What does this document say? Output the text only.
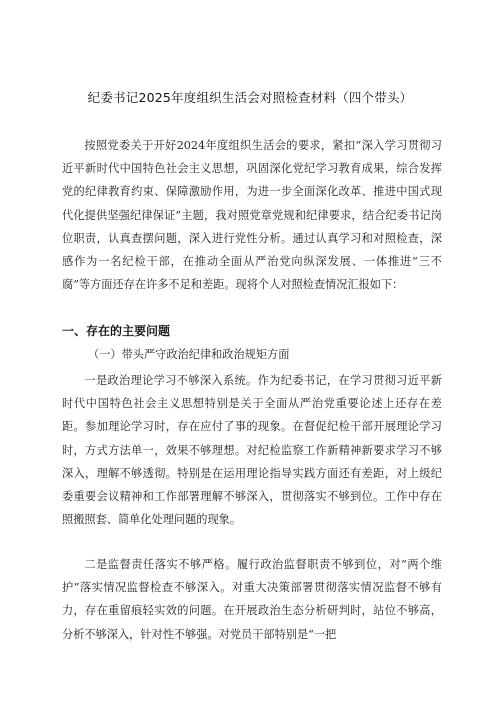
纪委书记2025年度组织生活会对照检查材料（四个带头）
按照党委关于开好2024年度组织生活会的要求，紧扣“深入学习贯彻习近平新时代中国特色社会主义思想，巩固深化党纪学习教育成果，综合发挥党的纪律教育约束、保障激励作用，为进一步全面深化改革、推进中国式现代化提供坚强纪律保证”主题，我对照党章党规和纪律要求，结合纪委书记岗位职责，认真查摆问题，深入进行党性分析。通过认真学习和对照检查，深感作为一名纪检干部，在推动全面从严治党向纵深发展、一体推进“三不腐”等方面还存在许多不足和差距。现将个人对照检查情况汇报如下：
一、存在的主要问题
（一）带头严守政治纪律和政治规矩方面
一是政治理论学习不够深入系统。作为纪委书记，在学习贯彻习近平新时代中国特色社会主义思想特别是关于全面从严治党重要论述上还存在差距。参加理论学习时，存在应付了事的现象。在督促纪检干部开展理论学习时，方式方法单一，效果不够理想。对纪检监察工作新精神新要求学习不够深入，理解不够透彻。特别是在运用理论指导实践方面还有差距，对上级纪委重要会议精神和工作部署理解不够深入，贯彻落实不够到位。工作中存在照搬照套、简单化处理问题的现象。
二是监督责任落实不够严格。履行政治监督职责不够到位，对“两个维护”落实情况监督检查不够深入。对重大决策部署贯彻落实情况监督不够有力，存在重留痕轻实效的问题。在开展政治生态分析研判时，站位不够高，分析不够深入，针对性不够强。对党员干部特别是“一把
